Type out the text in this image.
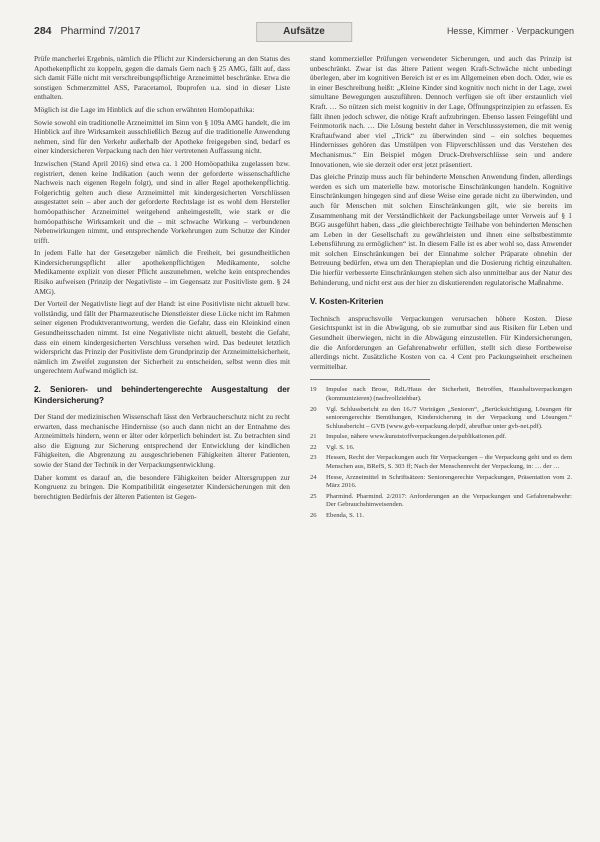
284 Pharmind 7/2017	Aufsätze	Hesse, Kimmer · Verpackungen

Prüfe mancherlei Ergebnis, nämlich die Pflicht zur Kindersicherung an den Status des Apothekenpflicht zu koppeln, gegen die damals Gern nach § 25 AMG, fällt auf, dass sich damit Fälle nicht mit verschreibungspflichtige Arzneimittel beschränke. Etwa die sonstigen Schmerzmittel ASS, Paracetamol, Ibuprofen u.a. sind in dieser Liste enthalten.

Möglich ist die Lage im Hinblick auf die schon erwähnten Homöopathika:

Sowie sowohl ein traditionelle Arzneimittel im Sinn von § 109a AMG handelt, die im Hinblick auf ihre Wirksamkeit ausschließlich Bezug auf die traditionelle Anwendung nehmen, sind für den Verkehr außerhalb der Apotheke freigegeben sind, bedarf es einer kindersicheren Verpackung nach den hier vertretenen Auffassung nicht.

Inzwischen (Stand April 2016) sind etwa ca. 1 200 Homöopathika zugelassen bzw. registriert, denen keine Indikation (auch wenn der geforderte wissenschaftliche Nachweis nach eigenen Regeln folgt), und sind in aller Regel apothekenpflichtig. Folgerichtig gelten auch diese Arzneimittel mit kindergesicherten Verschlüssen ausgestattet sein – aber auch der geforderte Rechtslage ist es wohl dem Hersteller homöopathischer Arzneimittel weitgehend anheimgestellt, wie stark er die homöopathische Wirksamkeit und die – mit schwache Wirkung – verbundenen Nebenwirkungen nimmt, und entsprechende Vorkehrungen zum Schutze der Kinder trifft.

In jedem Falle hat der Gesetzgeber nämlich die Freiheit, bei gesundheitlichen Kindersicherungspflicht aller apothekenpflichtigen Medikamente, solche Medikamente explizit von dieser Pflicht auszunehmen, welche kein entsprechendes Risiko aufweisen (Prinzip der Negativliste – im Gegensatz zur Positivliste gem. § 24 AMG).

Der Vorteil der Negativliste liegt auf der Hand: ist eine Positivliste nicht aktuell bzw. vollständig, und fällt der Pharmazeutische Dienstleister diese Lücke nicht im Rahmen seiner eigenen Produktverantwortung, werden die Gefahr, dass ein Kleinkind einen Gesundheitsschaden nimmt. Ist eine Negativliste nicht aktuell, besteht die Gefahr, dass ein einem kindergesicherten Verschluss versehen wird. Das bedeutet letztlich widerspricht das Prinzip der Positivliste dem Grundprinzip der Arzneimittelsicherheit, nämlich im Zweifel zugunsten der Sicherheit zu entscheiden, selbst wenn dies mit ungerechtem Aufwand möglich ist.

2. Senioren- und behindertengerechte Ausgestaltung der Kindersicherung?

Der Stand der medizinischen Wissenschaft lässt den Verbraucherschutz nicht zu recht erwarten, dass mechanische Hindernisse (so auch dann nicht an der Entnahme des Arzneimittels hindern, wenn er älter oder körperlich behindert ist. Zu betrachten sind also die Eignung zur Sicherung entsprechend der Entwicklung der kindlichen Fähigkeiten, die Abgrenzung zu ausgeschriebenen Fähigkeiten älterer Patienten, sowie der Stand der Technik in der Verpackungsentwicklung.

Daher kommt es darauf an, die besondere Fähigkeiten beider Altersgruppen zur Kongruenz zu bringen. Die Kompatibilität eingesetzter Kindersicherungen mit den berechtigten Bedürfnis der älteren Patienten ist Gegen-

stand kommerzieller Prüfungen verwendeter Sicherungen, und auch das Prinzip ist unbeschränkt. Zwar ist das ältere Patient wegen Kraft-Schwäche nicht unbedingt überlegen, aber im kognitiven Bereich ist er es im Allgemeinen eben doch. Oder, wie es in einer Beschreibung heißt: „Kleine Kinder sind kognitiv noch nicht in der Lage, zwei simultane Bewegungen auszuführen. Dennoch verfügen sie oft über erstaunlich viel Kraft. … So nützen sich meist kognitiv in der Lage, Öffnungsprinzipien zu erfassen. Es fällt ihnen jedoch schwer, die nötige Kraft aufzubringen. Ebenso lassen Feingefühl und Feinmotorik nach. … Die Lösung besteht daher in Verschlusssystemen, die mit wenig Kraftaufwand aber viel „Trick“ zu überwinden sind – ein solches bequemes Hindernisses gehören das Umstülpen von Flipverschlüssen und das Verstehen des Mechanismus.“ Ein Beispiel mögen Druck-Drehverschlüsse sein und andere Innovationen, wie sie derzeit oder erst jetzt präsentiert.

Das gleiche Prinzip muss auch für behinderte Menschen Anwendung finden, allerdings werden es sich um materielle bzw. motorische Einschränkungen handeln. Kognitive Einschränkungen hingegen sind auf diese Weise eine gerade nicht zu überwinden, und auch für Menschen mit solchen Einschränkungen gilt, wie sie bereits im Zusammenhang mit der Verständlichkeit der Packungsbeilage unter Verweis auf § 1 BGG ausgeführt haben, dass „die gleichberechtigte Teilhabe von behinderten Menschen am Leben in der Gesellschaft zu gewährleisten und ihnen eine selbstbestimmte Lebensführung zu ermöglichen“ ist. In diesem Falle ist es aber wohl so, dass Anwender mit solchen Einschränkungen bei der Einnahme solcher Präparate ohnehin der Betreuung bedürfen, etwa um den Therapieplan und die Dosierung richtig einzuhalten. Die hierfür verbesserte Einschränkungen stehen sich also unmittelbar aus der Natur des Behinderung, und nicht erst aus der hier zu diskutierenden regulatorische Maßnahme.

V. Kosten-Kriterien

Technisch anspruchsvolle Verpackungen verursachen höhere Kosten. Diese Gesichtspunkt ist in die Abwägung, ob sie zumutbar sind aus Risiken für Leben und Gesundheit überwiegen, nicht in die Abwägung einzustellen. Für Kindersicherungen, die die Anforderungen an Gefahrenabwehr erfüllen, stellt sich diese Fortbeweise allerdings nicht. Zusätzliche Kosten von ca. 4 Cent pro Packungseinheit erscheinen vermittelbar.

19	Impulse nach Brose, RdL/Haus der Sicherheit, Betroffen, Haushaltsverpackungen (kommunizieren) (nachvollziehbar).
20	Vgl. Schlussbericht zu den 16./7 Vorträgen „Senioren“, „Berücksichtigung, Lösungen für seniorengerechte Bemühungen, Kindersicherung in der Verpackung und Lösungen.“ Schlussbericht – GVB (www.gvb-verpackung.de/pdf, abrufbar unter gvb-net.pdf).
21	Impulse, nähere www.kunststoffverpackungen.de/publikationen.pdf.
22	Vgl. S. 16.
23	Hessen, Recht der Verpackungen auch für Verpackungen – die Verpackung geht und es dem Menschen aus, BRefS, S. 303 ff; Nach der Menschenrecht der Verpackung, in: … der …
24	Hesse, Arzneimittel in Schriftsätzen: Seniorengerechte Verpackungen, Präsentation vom 2. März 2016.
25	Pharmind. Pharmind. 2/2017: Anforderungen an die Verpackungen und Gefahrenabwehr: Der Gebrauchshinweisenden.
26	Ebenda, S. 11.
